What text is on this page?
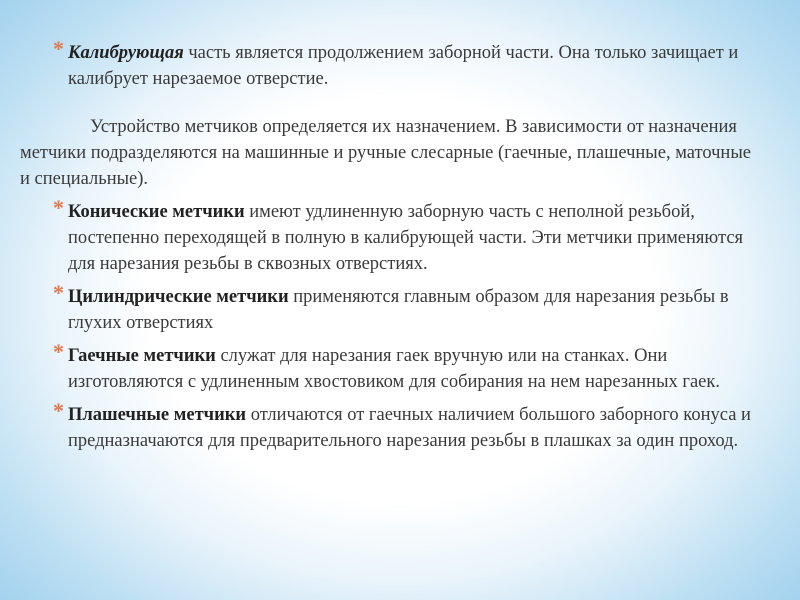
* Калибрующая часть является продолжением заборной части. Она только зачищает и калибрует нарезаемое отверстие.

Устройство метчиков определяется их назначением. В зависимости от назначения метчики подразделяются на машинные и ручные слесарные (гаечные, плашечные, маточные и специальные).

* Конические метчики имеют удлиненную заборную часть с неполной резьбой, постепенно переходящей в полную в калибрующей части. Эти метчики применяются для нарезания резьбы в сквозных отверстиях.

* Цилиндрические метчики применяются главным образом для нарезания резьбы в глухих отверстиях

* Гаечные метчики служат для нарезания гаек вручную или на станках. Они изготовляются с удлиненным хвостовиком для собирания на нем нарезанных гаек.

* Плашечные метчики отличаются от гаечных наличием большого заборного конуса и предназначаются для предварительного нарезания резьбы в плашках за один проход.
